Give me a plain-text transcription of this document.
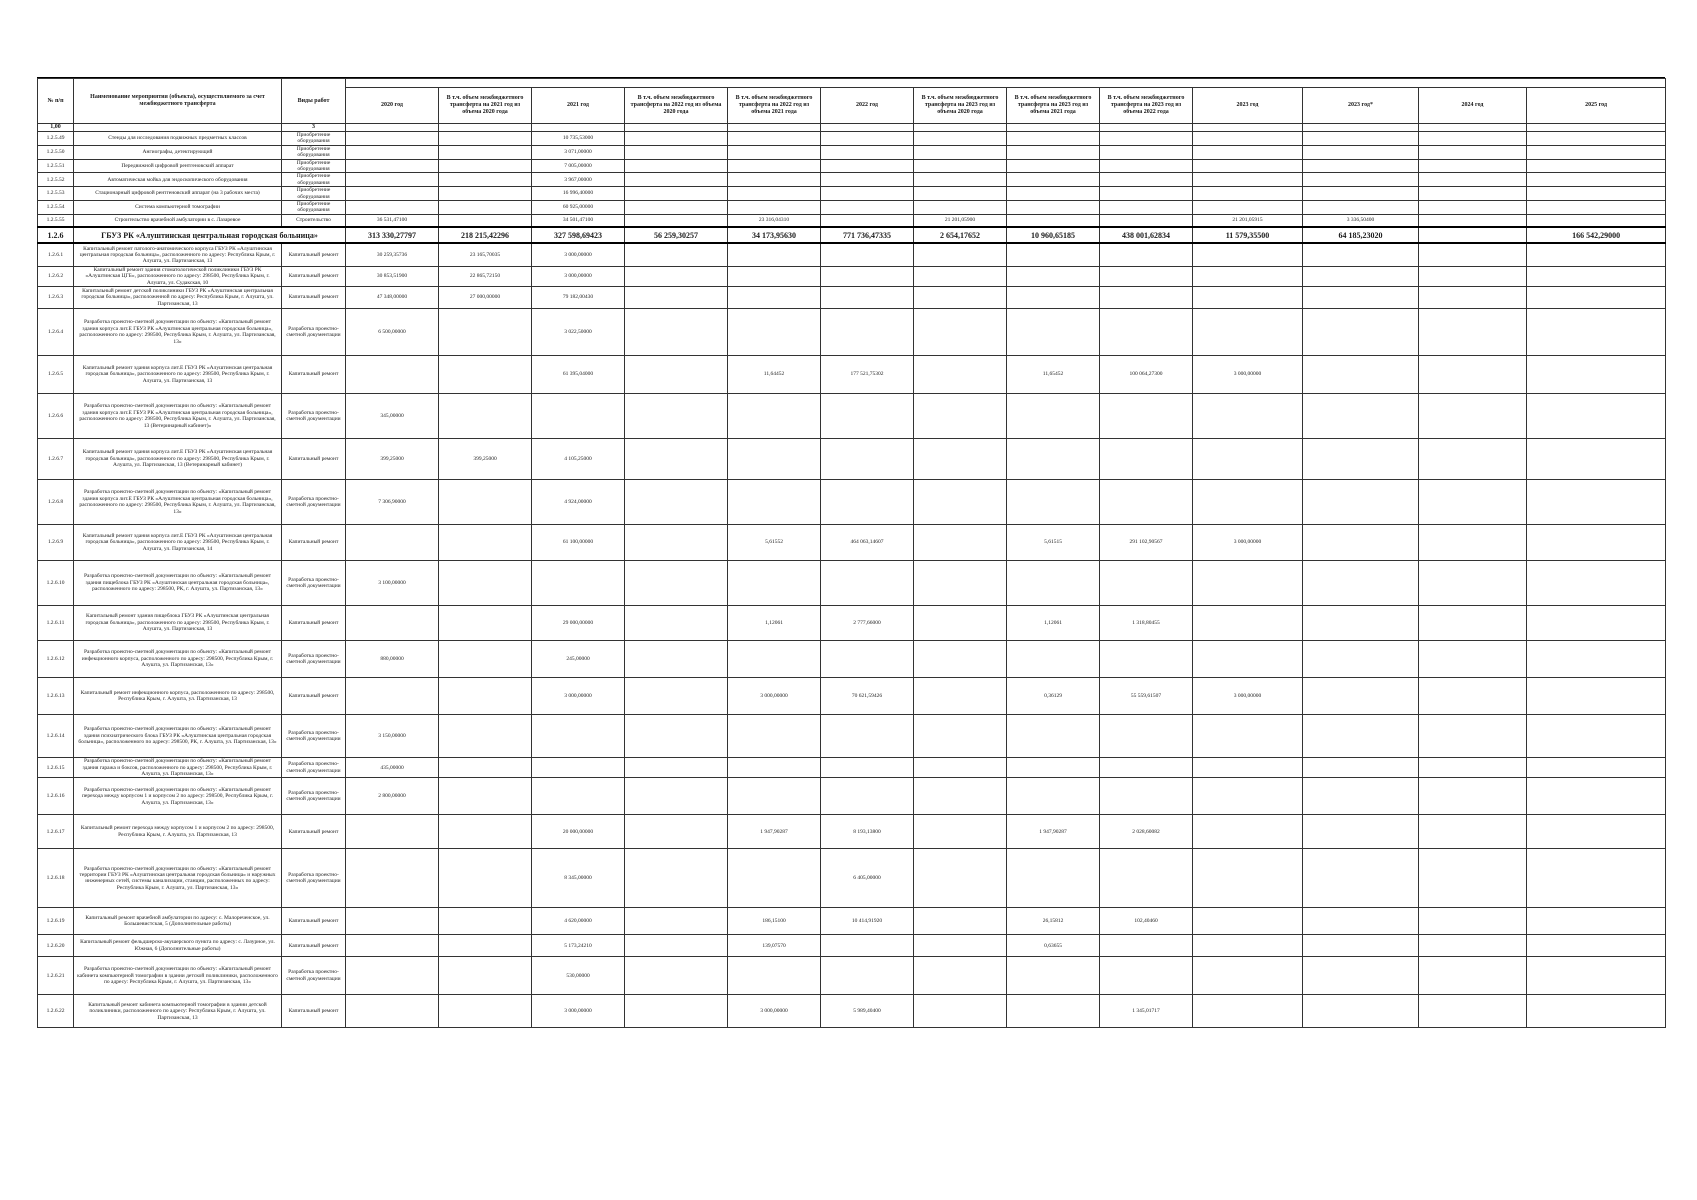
№ п/п	Наименование мероприятия (объекта), осуществляемого за счет межбюджетного трансферта	Виды работ													
			2020 год	В т.ч. объем межбюджетного трансферта на 2021 год из объема 2020 года	2021 год	В т.ч. объем межбюджетного трансферта на 2022 год из объема 2020 года	В т.ч. объем межбюджетного трансферта на 2022 год из объема 2021 года	2022 год	В т.ч. объем межбюджетного трансферта на 2023 год из объема 2020 года	В т.ч. объем межбюджетного трансферта на 2023 год из объема 2021 года	В т.ч. объем межбюджетного трансферта на 2023 год из объема 2022 года	2023 год	2023 год*	2024 год	2025 год
1,00		3													
1.2.5.49	Стенды для исследования подвижных предметных классов	Приобретение оборудования			10 735,53000										
1.2.5.50	Ангиографы, детектирующий	Приобретение оборудования			3 071,00000										
1.2.5.51	Передвижной цифровой рентгеновский аппарат	Приобретение оборудования			7 005,00000										
1.2.5.52	Автоматическая мойка для эндоскопического оборудования	Приобретение оборудования			3 967,00000										
1.2.5.53	Стационарный цифровой рентгеновский аппарат (на 3 рабочих места)	Приобретение оборудования			16 996,40000										
1.2.5.54	Система компьютерной томографии	Приобретение оборудования			60 925,00000										
1.2.5.55	Строительство врачебной амбулатории в с. Лазаревое	Строительство	36 531,47100		34 501,47100		23 316,04310		21 201,05900			21 201,05915	3 336,50400		
1.2.6	ГБУЗ РК «Алуштинская центральная городская больница»		313 330,27797	218 215,42296	327 598,69423	56 259,30257	34 173,95630	771 736,47335	2 654,17652	10 960,65185	438 001,62834	11 579,35500	64 185,23020		166 542,29000
1.2.6.1	Капитальный ремонт патолого-анатомического корпуса ГБУЗ РК «Алуштинская центральная городская больница», расположенного по адресу: Республика Крым, г. Алушта, ул. Партизанская, 13	Капитальный ремонт	30 259,35736	23 165,70035	3 000,00000										
1.2.6.2	Капитальный ремонт здания стоматологической поликлиники ГБУЗ РК «Алуштинская ЦГБ», расположенного по адресу: 298500, Республика Крым, г. Алушта, ул. Судакская, 10	Капитальный ремонт	30 853,51900	22 865,72150	3 000,00000										
1.2.6.3	Капитальный ремонт детской поликлиники ГБУЗ РК «Алуштинская центральная городская больница», расположенной по адресу: Республика Крым, г. Алушта, ул. Партизанская, 13	Капитальный ремонт	47 348,00000	27 000,00000	79 182,00430										
1.2.6.4	Разработка проектно-сметной документации по объекту: «Капитальный ремонт здания корпуса лит.Е ГБУЗ РК «Алуштинская центральная городская больница», расположенного по адресу: 298500, Республика Крым, г. Алушта, ул. Партизанская, 13»	Разработка проектно-сметной документации	6 500,00000		3 022,50000										
1.2.6.5	Капитальный ремонт здания корпуса лит.Е ГБУЗ РК «Алуштинская центральная городская больница», расположенного по адресу: 298500, Республика Крым, г. Алушта, ул. Партизанская, 13	Капитальный ремонт			61 395,04000		11,64452	177 521,75302		11,65452	100 064,27300	3 000,00000			
1.2.6.6	Разработка проектно-сметной документации по объекту: «Капитальный ремонт здания корпуса лит.Е ГБУЗ РК «Алуштинская центральная городская больница», расположенного по адресу: 298500, Республика Крым, г. Алушта, ул. Партизанская, 13 (Ветеринарный кабинет)»	Разработка проектно-сметной документации	345,00000												
1.2.6.7	Капитальный ремонт здания корпуса лит.Е ГБУЗ РК «Алуштинская центральная городская больница», расположенного по адресу: 298500, Республика Крым, г. Алушта, ул. Партизанская, 13 (Ветеринарный кабинет)	Капитальный ремонт	399,25000	399,25000	4 105,25000										
1.2.6.8	Разработка проектно-сметной документации по объекту: «Капитальный ремонт здания корпуса лит.Е ГБУЗ РК «Алуштинская центральная городская больница», расположенного по адресу: 298500, Республика Крым, г. Алушта, ул. Партизанская, 13»	Разработка проектно-сметной документации	7 306,90000		4 924,00000										
1.2.6.9	Капитальный ремонт здания корпуса лит.Е ГБУЗ РК «Алуштинская центральная городская больница», расположенного по адресу: 298500, Республика Крым, г. Алушта, ул. Партизанская, 14	Капитальный ремонт			61 100,00000		5,61552	464 063,14607		5,61515	291 102,90567	3 000,00000			
1.2.6.10	Разработка проектно-сметной документации по объекту: «Капитальный ремонт здания пищеблока ГБУЗ РК «Алуштинская центральная городская больница», расположенного по адресу: 298500, РК, г. Алушта, ул. Партизанская, 13»	Разработка проектно-сметной документации	3 100,00000												
1.2.6.11	Капитальный ремонт здания пищеблока ГБУЗ РК «Алуштинская центральная городская больница», расположенного по адресу: 298500, Республика Крым, г. Алушта, ул. Партизанская, 13	Капитальный ремонт			29 000,00000		1,12061	2 777,66000		1,12061	1 318,80455				
1.2.6.12	Разработка проектно-сметной документации по объекту: «Капитальный ремонт инфекционного корпуса, расположенного по адресу: 298500, Республика Крым, г. Алушта, ул. Партизанская, 13»	Разработка проектно-сметной документации	880,00000		245,00000										
1.2.6.13	Капитальный ремонт инфекционного корпуса, расположенного по адресу: 298500, Республика Крым, г. Алушта, ул. Партизанская, 13	Капитальный ремонт			3 000,00000		3 000,00000	70 621,59426		0,36129	55 559,61507	3 000,00000			
1.2.6.14	Разработка проектно-сметной документации по объекту: «Капитальный ремонт здания психиатрического блока ГБУЗ РК «Алуштинская центральная городская больница», расположенного по адресу: 298500, РК, г. Алушта, ул. Партизанская, 13»	Разработка проектно-сметной документации	3 150,00000												
1.2.6.15	Разработка проектно-сметной документации по объекту: «Капитальный ремонт здания гаража и боксов, расположенного по адресу: 298500, Республика Крым, г. Алушта, ул. Партизанская, 13»	Разработка проектно-сметной документации	435,00000												
1.2.6.16	Разработка проектно-сметной документации по объекту: «Капитальный ремонт перехода между корпусом 1 и корпусом 2 по адресу: 298500, Республика Крым, г. Алушта, ул. Партизанская, 13»	Разработка проектно-сметной документации	2 800,00000												
1.2.6.17	Капитальный ремонт перехода между корпусом 1 и корпусом 2 по адресу: 298500, Республика Крым, г. Алушта, ул. Партизанская, 13	Капитальный ремонт			20 000,00000		1 947,90287	8 193,13800		1 947,90287	2 028,60082				
1.2.6.18	Разработка проектно-сметной документации по объекту: «Капитальный ремонт территории ГБУЗ РК «Алуштинская центральная городская больница» и наружных инженерных сетей, системы канализации, станции, расположенных по адресу: Республика Крым, г. Алушта, ул. Партизанская, 13»	Разработка проектно-сметной документации			8 345,00000			6 405,00000							
1.2.6.19	Капитальный ремонт врачебной амбулатории по адресу: с. Малореченское, ул. Большевистская, 5 (Дополнительные работы)	Капитальный ремонт			4 620,00000		186,15100	10 414,91920		26,15812	102,40460				
1.2.6.20	Капитальный ремонт фельдшерско-акушерского пункта по адресу: с. Лазурное, ул. Южная, 6 (Дополнительные работы)	Капитальный ремонт			5 173,24210		139,07570			0,63655					
1.2.6.21	Разработка проектно-сметной документации по объекту: «Капитальный ремонт кабинета компьютерной томографии в здании детской поликлиники, расположенного по адресу: Республика Крым, г. Алушта, ул. Партизанская, 13»	Разработка проектно-сметной документации			530,00000										
1.2.6.22	Капитальный ремонт кабинета компьютерной томографии в здании детской поликлиники, расположенного по адресу: Республика Крым, г. Алушта, ул. Партизанская, 13	Капитальный ремонт			3 000,00000		3 000,00000	5 989,40400			1 345,01717				
